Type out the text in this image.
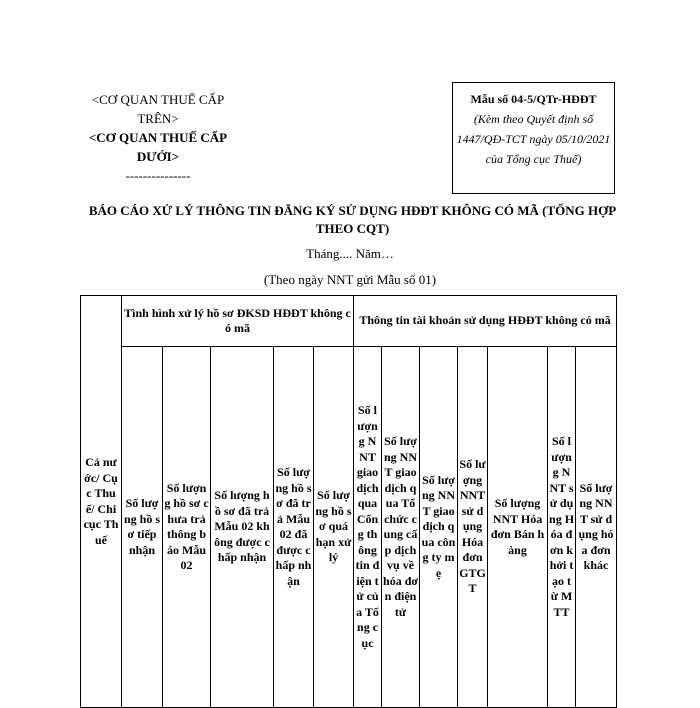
<CƠ QUAN THUẾ CẤP TRÊN>
<CƠ QUAN THUẾ CẤP DƯỚI>
---------------
Mẫu số 04-5/QTr-HĐĐT
(Kèm theo Quyết định số 1447/QĐ-TCT ngày 05/10/2021 của Tổng cục Thuế)
BÁO CÁO XỬ LÝ THÔNG TIN ĐĂNG KÝ SỬ DỤNG HĐĐT KHÔNG CÓ MÃ (TỔNG HỢP THEO CQT)
Tháng.... Năm…
(Theo ngày NNT gửi Mẫu số 01)
Cả nước/ Cục Thuế/ Chi cục Thuế	Tình hình xử lý hồ sơ ĐKSD HĐĐT không có mã					Thông tin tài khoản sử dụng HĐĐT không có mã						
	Số lượng hồ sơ tiếp nhận	Số lượng hồ sơ chưa trả thông báo Mẫu 02	Số lượng hồ sơ đã trả Mẫu 02 không được chấp nhận	Số lượng hồ sơ đã trả Mẫu 02 đã được chấp nhận	Số lượng hồ sơ quá hạn xử lý	Số lượng NNT giao dịch qua Cổng thông tin điện tử của Tổng cục	Số lượng NNT giao dịch qua Tổ chức cung cấp dịch vụ về hóa đơn điện tử	Số lượng NNT giao dịch qua công ty mẹ	Số lượng NNT sử dụng Hóa đơn GTGT	Số lượng NNT Hóa đơn Bán hàng	Số lượng NNT sử dụng Hóa đơn khởi tạo từ MTT	Số lượng NNT sử dụng hóa đơn khác
